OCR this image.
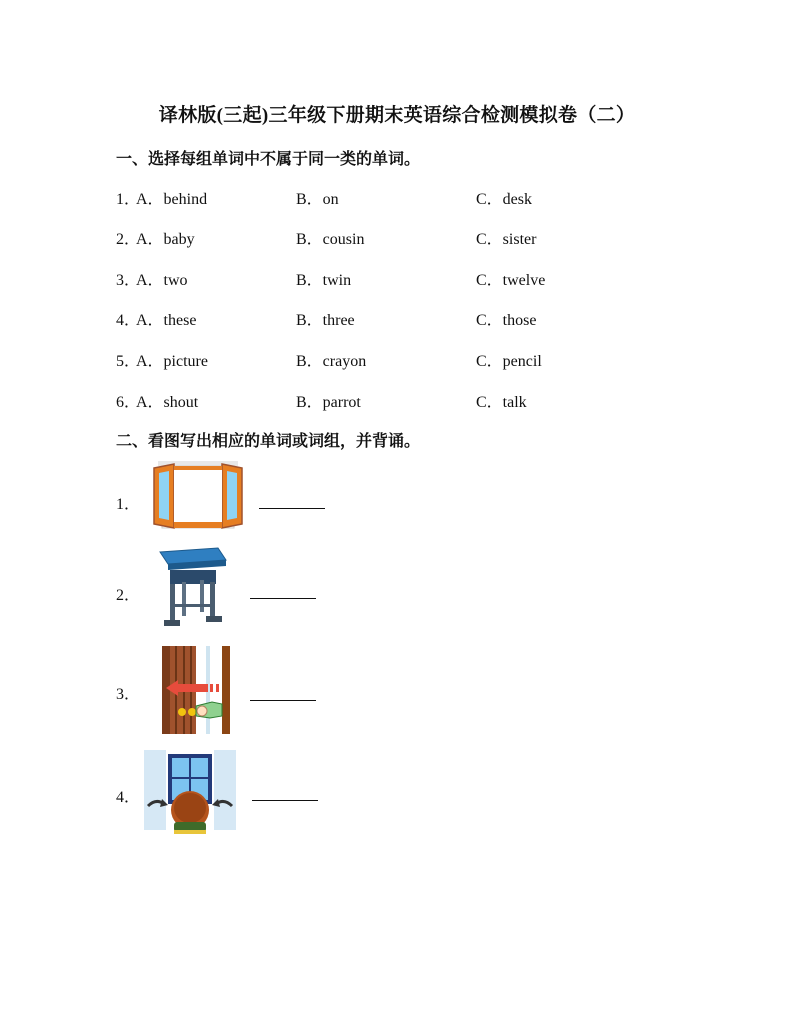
译林版(三起)三年级下册期末英语综合检测模拟卷（二）
一、选择每组单词中不属于同一类的单词。
1．
A．behind	B．on	C．desk
2．
A．baby	B．cousin	C．sister
3．
A．two	B．twin	C．twelve
4．
A．these	B．three	C．those
5．
A．picture	B．crayon	C．pencil
6．
A．shout	B．parrot	C．talk
二、看图写出相应的单词或词组，并背诵。
1．
2．
3．
4．
